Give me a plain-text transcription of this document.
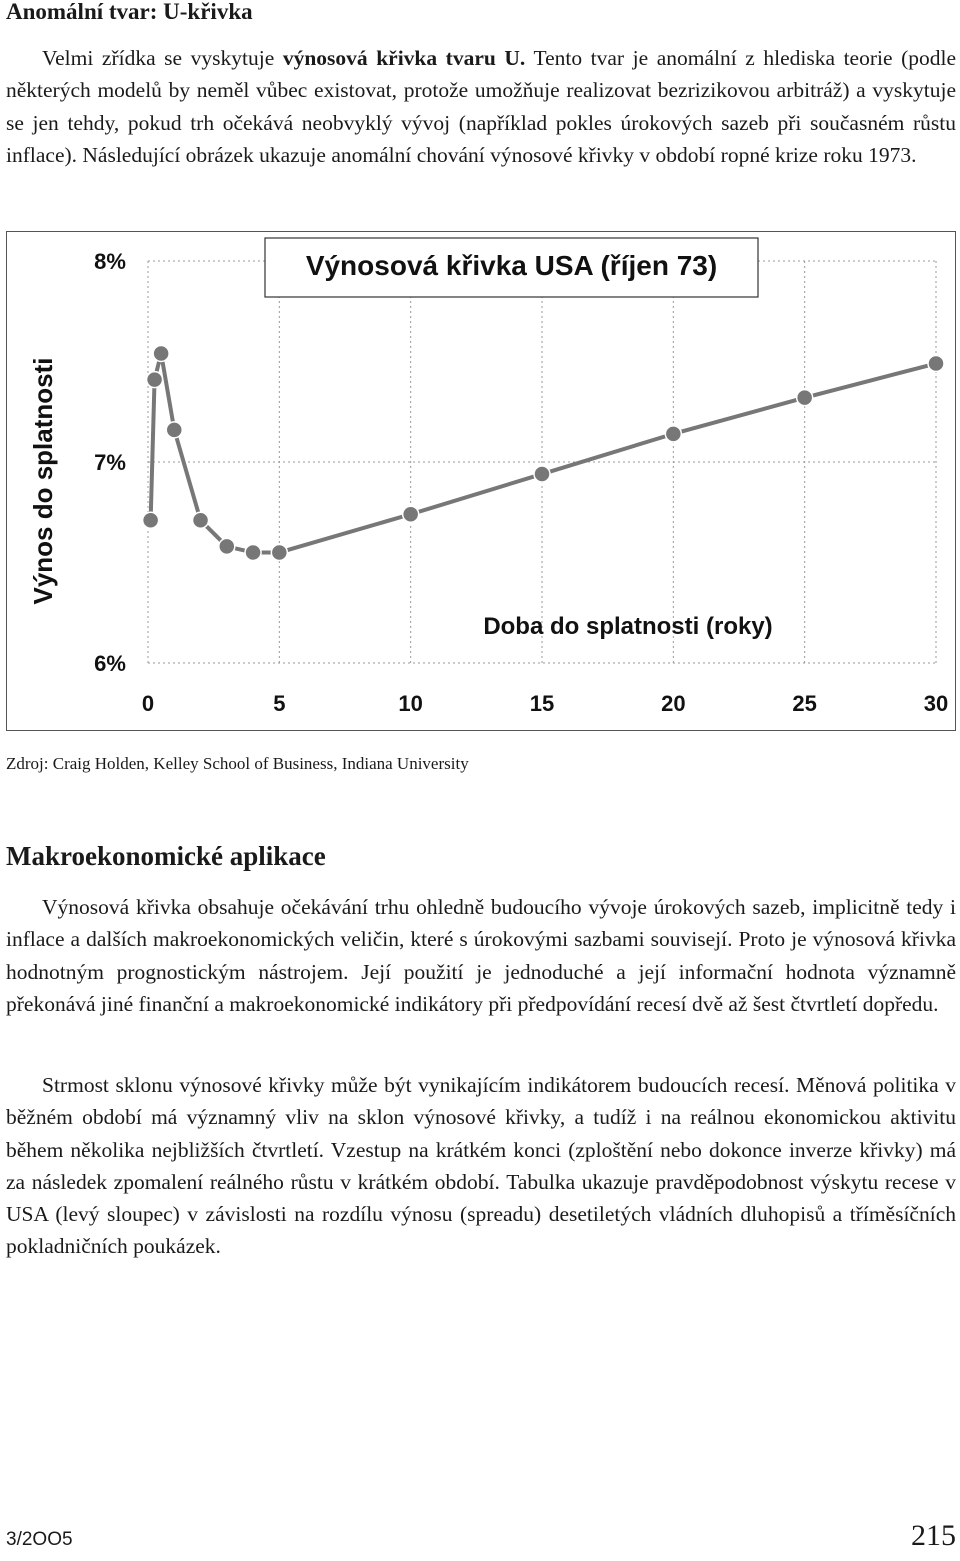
Anomální tvar: U-křivka

Velmi zřídka se vyskytuje výnosová křivka tvaru U. Tento tvar je anomální z hlediska teorie (podle některých modelů by neměl vůbec existovat, protože umožňuje realizovat bezrizikovou arbitráž) a vyskytuje se jen tehdy, pokud trh očekává neobvyklý vývoj (například pokles úrokových sazeb při současném růstu inflace). Následující obrázek ukazuje anomální chování výnosové křivky v období ropné krize roku 1973.

Výnosová křivka USA (říjen 73)
Výnos do splatnosti
Doba do splatnosti (roky)
0	5	10	15	20	25	30
6%
7%
8%

Zdroj: Craig Holden, Kelley School of Business, Indiana University

Makroekonomické aplikace

Výnosová křivka obsahuje očekávání trhu ohledně budoucího vývoje úrokových sazeb, implicitně tedy i inflace a dalších makroekonomických veličin, které s úrokovými sazbami souvisejí. Proto je výnosová křivka hodnotným prognostickým nástrojem. Její použití je jednoduché a její informační hodnota významně překonává jiné finanční a makroekonomické indikátory při předpovídání recesí dvě až šest čtvrtletí dopředu.

Strmost sklonu výnosové křivky může být vynikajícím indikátorem budoucích recesí. Měnová politika v běžném období má významný vliv na sklon výnosové křivky, a tudíž i na reálnou ekonomickou aktivitu během několika nejbližších čtvrtletí. Vzestup na krátkém konci (zploštění nebo dokonce inverze křivky) má za následek zpomalení reálného růstu v krátkém období. Tabulka ukazuje pravděpodobnost výskytu recese v USA (levý sloupec) v závislosti na rozdílu výnosu (spreadu) desetiletých vládních dluhopisů a tříměsíčních pokladničních poukázek.

3/2OO5	215
